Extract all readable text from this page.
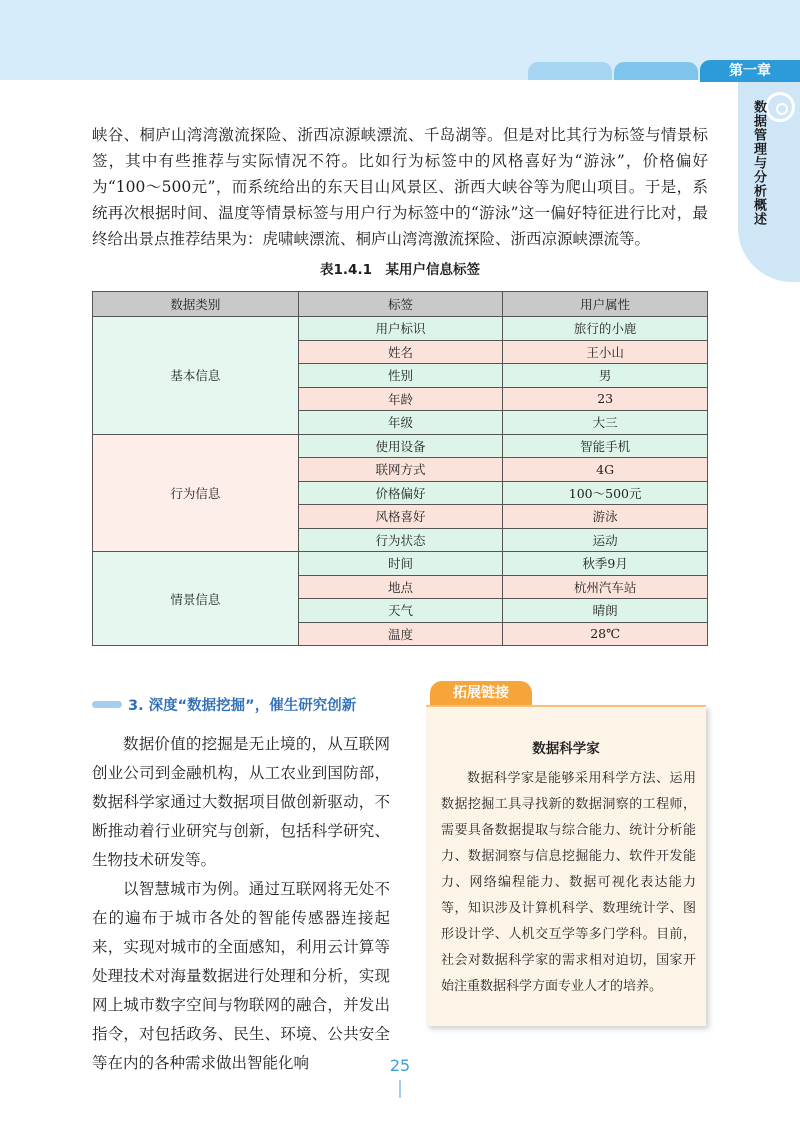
第一章
数据管理与分析概述

峡谷、桐庐山湾湾激流探险、浙西凉源峡漂流、千岛湖等。但是对比其行为标签与情景标签，其中有些推荐与实际情况不符。比如行为标签中的风格喜好为“游泳”，价格偏好为“100～500元”，而系统给出的东天目山风景区、浙西大峡谷等为爬山项目。于是，系统再次根据时间、温度等情景标签与用户行为标签中的“游泳”这一偏好特征进行比对，最终给出景点推荐结果为：虎啸峡漂流、桐庐山湾湾激流探险、浙西凉源峡漂流等。

表1.4.1　某用户信息标签
数据类别	标签	用户属性
基本信息	用户标识	旅行的小鹿
	姓名	王小山
	性别	男
	年龄	23
	年级	大三
行为信息	使用设备	智能手机
	联网方式	4G
	价格偏好	100～500元
	风格喜好	游泳
	行为状态	运动
情景信息	时间	秋季9月
	地点	杭州汽车站
	天气	晴朗
	温度	28℃
3. 深度“数据挖掘”，催生研究创新

数据价值的挖掘是无止境的，从互联网创业公司到金融机构，从工农业到国防部，数据科学家通过大数据项目做创新驱动，不断推动着行业研究与创新，包括科学研究、生物技术研发等。

以智慧城市为例。通过互联网将无处不在的遍布于城市各处的智能传感器连接起来，实现对城市的全面感知，利用云计算等处理技术对海量数据进行处理和分析，实现网上城市数字空间与物联网的融合，并发出指令，对包括政务、民生、环境、公共安全等在内的各种需求做出智能化响

拓展链接
数据科学家

数据科学家是能够采用科学方法、运用数据挖掘工具寻找新的数据洞察的工程师，需要具备数据提取与综合能力、统计分析能力、数据洞察与信息挖掘能力、软件开发能力、网络编程能力、数据可视化表达能力等，知识涉及计算机科学、数理统计学、图形设计学、人机交互学等多门学科。目前，社会对数据科学家的需求相对迫切，国家开始注重数据科学方面专业人才的培养。

25
